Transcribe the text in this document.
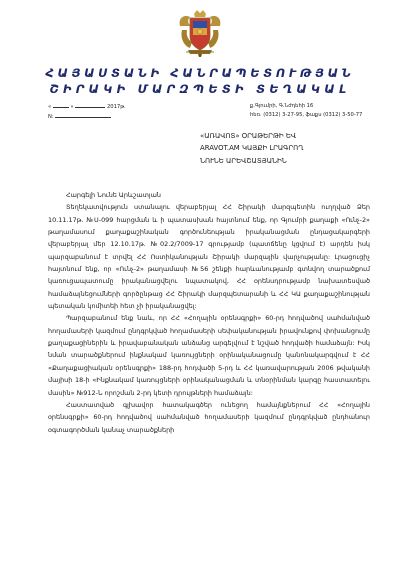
ՀԱՅԱՍՏԱՆԻ ՀԱՆՐԱՊԵՏՈՒԹՅԱՆ
ՇԻՐԱԿԻ ՄԱՐԶՊԵՏԻ ՏԵՂԱԿԱԼ
«	»	2017թ.
N:
ք.Գյումրի, Գ.Նժդեհի 16
հեռ. (0312) 3-27-95, ֆաքս (0312) 3-50-77
«ԱՌԱՎՈՏ» ՕՐԱԹԵՐԹԻ ԵՎ
ARAVOT.AM ԿԱՅՔԻ ԼՐԱԳՐՈՂ
ՆՈՒՆԵ ԱՐԵՎՇԱՏՅԱՆԻՆ

Հարգելի Նունե Արևշատյան

Տեղեկատվություն ստանալու վերաբերյալ ՀՀ Շիրակի մարզպետին ուղղված Ձեր 10.11.17թ. №Ս-099 հարցման և ի պատասխան հայտնում ենք, որ Գյումրի քաղաքի «Ունչ-2» թաղամասում քաղաքաշինական գործունեության իրականացման ընդացակարգերի վերաբերյալ մեր 12.10.17թ. №02.2/7009-17 գրությամբ (պատճենը կցվում է) արդեն իսկ պարզաբանում է տրվել ՀՀ Ոստիկանության Շիրակի մարզային վարչությանը: Լրացուցիչ հայտնում ենք, որ «Ունչ-2» թաղամասի №56 շենքի հարևանությամբ գտնվող տարածքում կառուցապատումը իրականացվելու նպատակով, ՀՀ օրենսդրությամբ նախատեսված համաձայնեցումների գործընթաց ՀՀ Շիրակի մարզպետարանի և ՀՀ ԿԱ քաղաքաշինության պետական կոմիտեի հետ չի իրականացվել:

Պարզաբանում ենք նաև, որ ՀՀ «Հողային օրենսգրքի» 60-րդ հոդվածով սահմանված հողամասերի կազմում ընդգրկված հողամասերի սեփականության իրավունքով փոխանցումը քաղաքացիներին և իրավաբանական անձանց արգելվում է նշված հոդվածի համաձայն: Իսկ նման տարածքներում ինքնակամ կառույցների օրինականացումը կանոնակարգվում է ՀՀ «Քաղաքացիական օրենսգրքի» 188-րդ հոդվածի 5-րդ և ՀՀ կառավարության 2006 թվականի մայիսի 18-ի «Ինքնակամ կառույցների օրինականացման և տնօրինման կարգը հաստատելու մասին» №912-Ն որոշման 2-րդ կետի դրույթների համաձայն:

Հաստատված գլխավոր հատակագծեր ունեցող համայնքներում ՀՀ «Հողային օրենսգրքի» 60-րդ հոդվածով սահմանված հողամասերի կազմում ընդգրկված ընդհանուր օգտագործման կանաչ տարածքների
